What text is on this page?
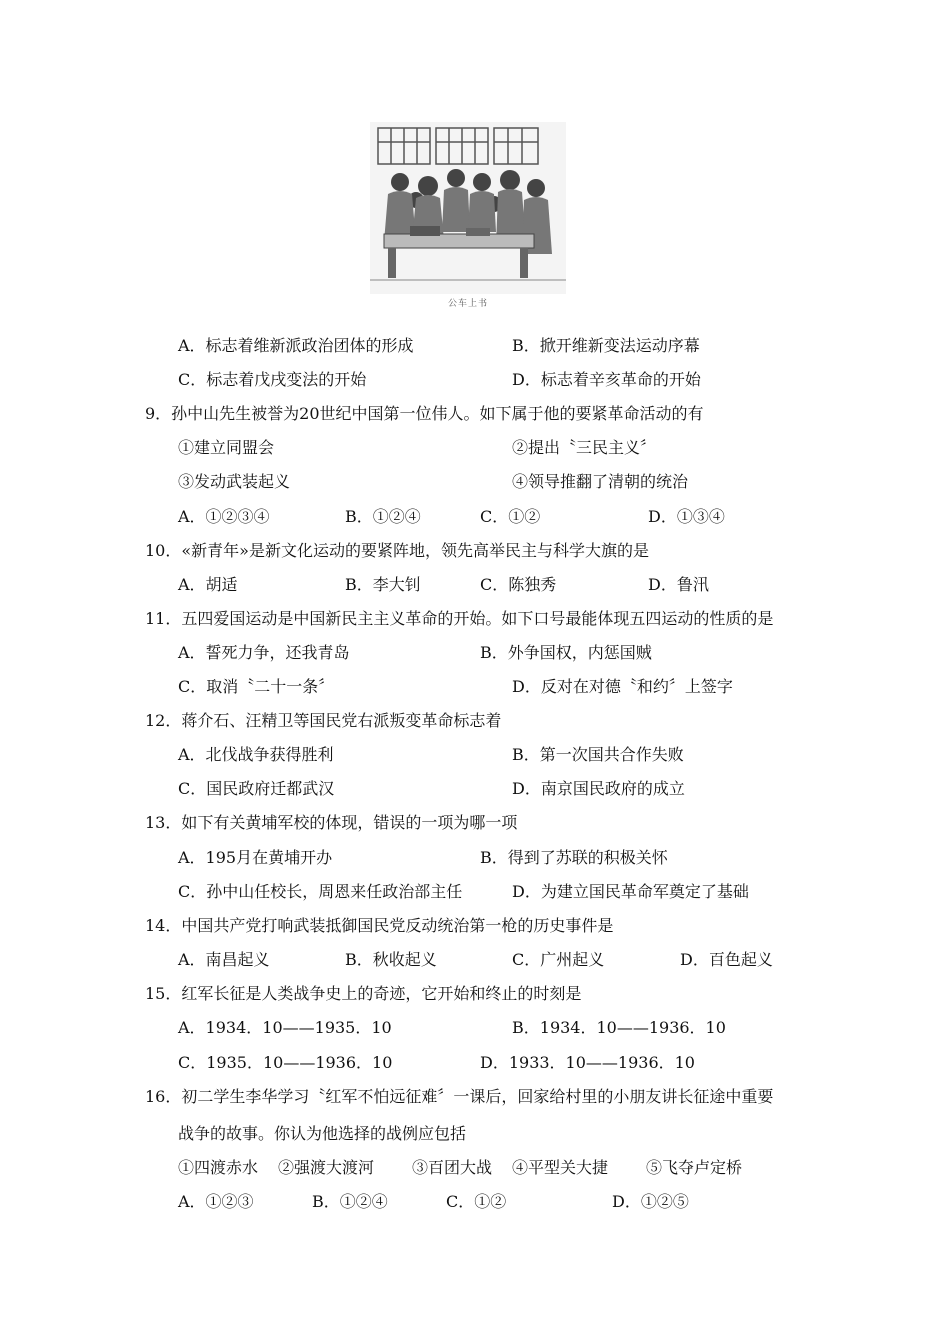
公车上书
A．标志着维新派政治团体的形成	B．掀开维新变法运动序幕
C．标志着戊戌变法的开始	D．标志着辛亥革命的开始
9．孙中山先生被誉为20世纪中国第一位伟人。如下属于他的要紧革命活动的有
①建立同盟会	②提出〝三民主义〞
③发动武装起义	④领导推翻了清朝的统治
A．①②③④	B．①②④	C．①②	D．①③④
10．«新青年»是新文化运动的要紧阵地，领先高举民主与科学大旗的是
A．胡适	B．李大钊	C．陈独秀	D．鲁汛
11．五四爱国运动是中国新民主主义革命的开始。如下口号最能体现五四运动的性质的是
A．誓死力争，还我青岛	B．外争国权，内惩国贼
C．取消〝二十一条〞	D．反对在对德〝和约〞上签字
12．蒋介石、汪精卫等国民党右派叛变革命标志着
A．北伐战争获得胜利	B．第一次国共合作失败
C．国民政府迁都武汉	D．南京国民政府的成立
13．如下有关黄埔军校的体现，错误的一项为哪一项
A．195月在黄埔开办	B．得到了苏联的积极关怀
C．孙中山任校长，周恩来任政治部主任	D．为建立国民革命军奠定了基础
14．中国共产党打响武装抵御国民党反动统治第一枪的历史事件是
A．南昌起义	B．秋收起义	C．广州起义	D．百色起义
15．红军长征是人类战争史上的奇迹，它开始和终止的时刻是
A．1934．10——1935．10	B．1934．10——1936．10
C．1935．10——1936．10	D．1933．10——1936．10
16．初二学生李华学习〝红军不怕远征难〞一课后，回家给村里的小朋友讲长征途中重要
战争的故事。你认为他选择的战例应包括
①四渡赤水 ②强渡大渡河 ③百团大战 ④平型关大捷 ⑤飞夺卢定桥
A．①②③	B．①②④	C．①②	D．①②⑤
